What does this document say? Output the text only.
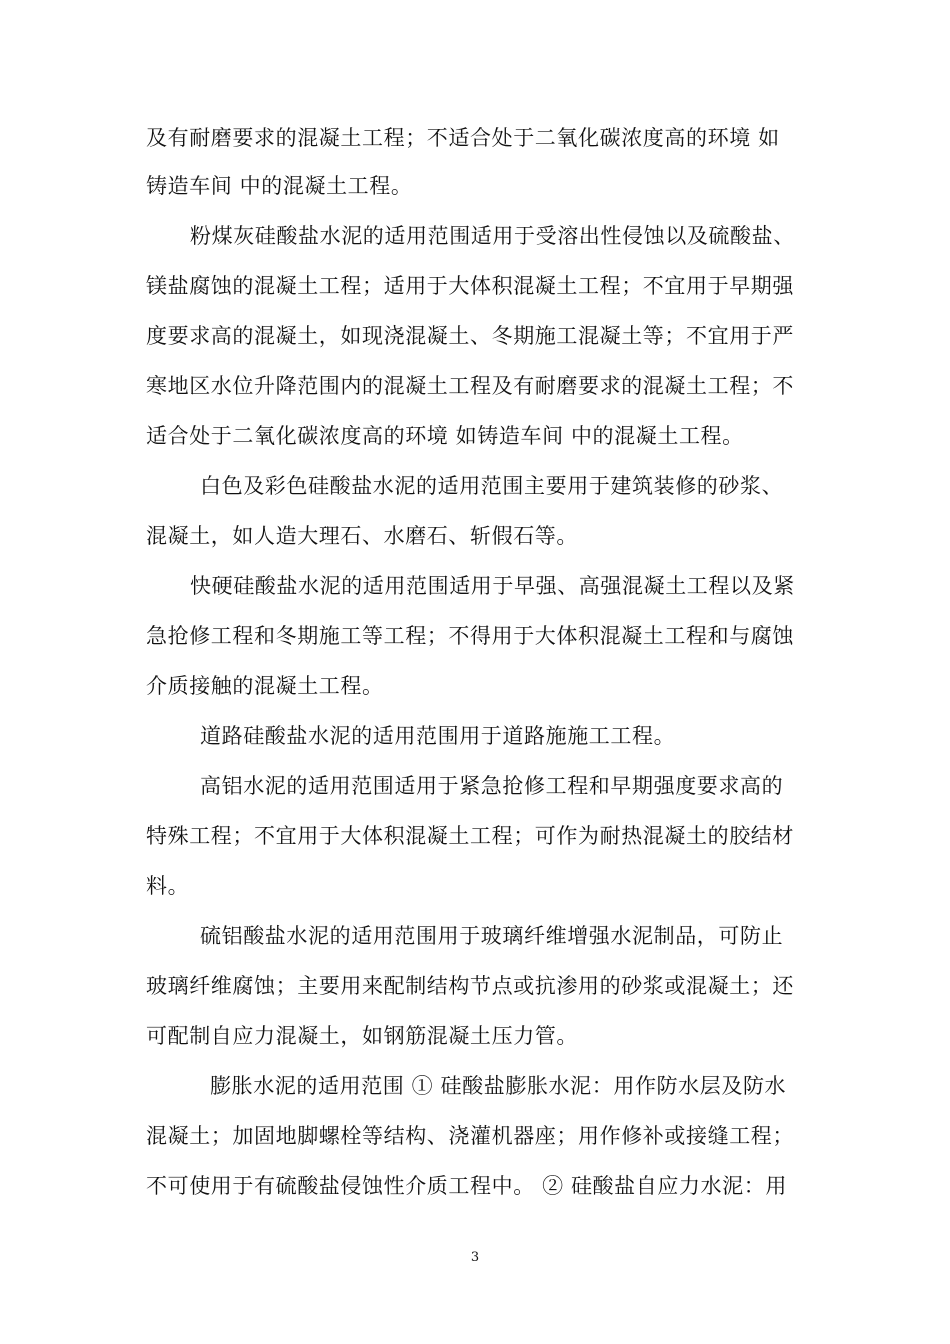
及有耐磨要求的混凝土工程；不适合处于二氧化碳浓度高的环境 如
铸造车间 中的混凝土工程。
粉煤灰硅酸盐水泥的适用范围适用于受溶出性侵蚀以及硫酸盐、
镁盐腐蚀的混凝土工程；适用于大体积混凝土工程；不宜用于早期强
度要求高的混凝土，如现浇混凝土、冬期施工混凝土等；不宜用于严
寒地区水位升降范围内的混凝土工程及有耐磨要求的混凝土工程；不
适合处于二氧化碳浓度高的环境 如铸造车间 中的混凝土工程。
白色及彩色硅酸盐水泥的适用范围主要用于建筑装修的砂浆、
混凝土，如人造大理石、水磨石、斩假石等。
快硬硅酸盐水泥的适用范围适用于早强、高强混凝土工程以及紧
急抢修工程和冬期施工等工程；不得用于大体积混凝土工程和与腐蚀
介质接触的混凝土工程。
道路硅酸盐水泥的适用范围用于道路施施工工程。
高铝水泥的适用范围适用于紧急抢修工程和早期强度要求高的
特殊工程；不宜用于大体积混凝土工程；可作为耐热混凝土的胶结材
料。
硫铝酸盐水泥的适用范围用于玻璃纤维增强水泥制品，可防止
玻璃纤维腐蚀；主要用来配制结构节点或抗渗用的砂浆或混凝土；还
可配制自应力混凝土，如钢筋混凝土压力管。
膨胀水泥的适用范围 ① 硅酸盐膨胀水泥：用作防水层及防水
混凝土；加固地脚螺栓等结构、浇灌机器座；用作修补或接缝工程；
不可使用于有硫酸盐侵蚀性介质工程中。 ② 硅酸盐自应力水泥：用
3
